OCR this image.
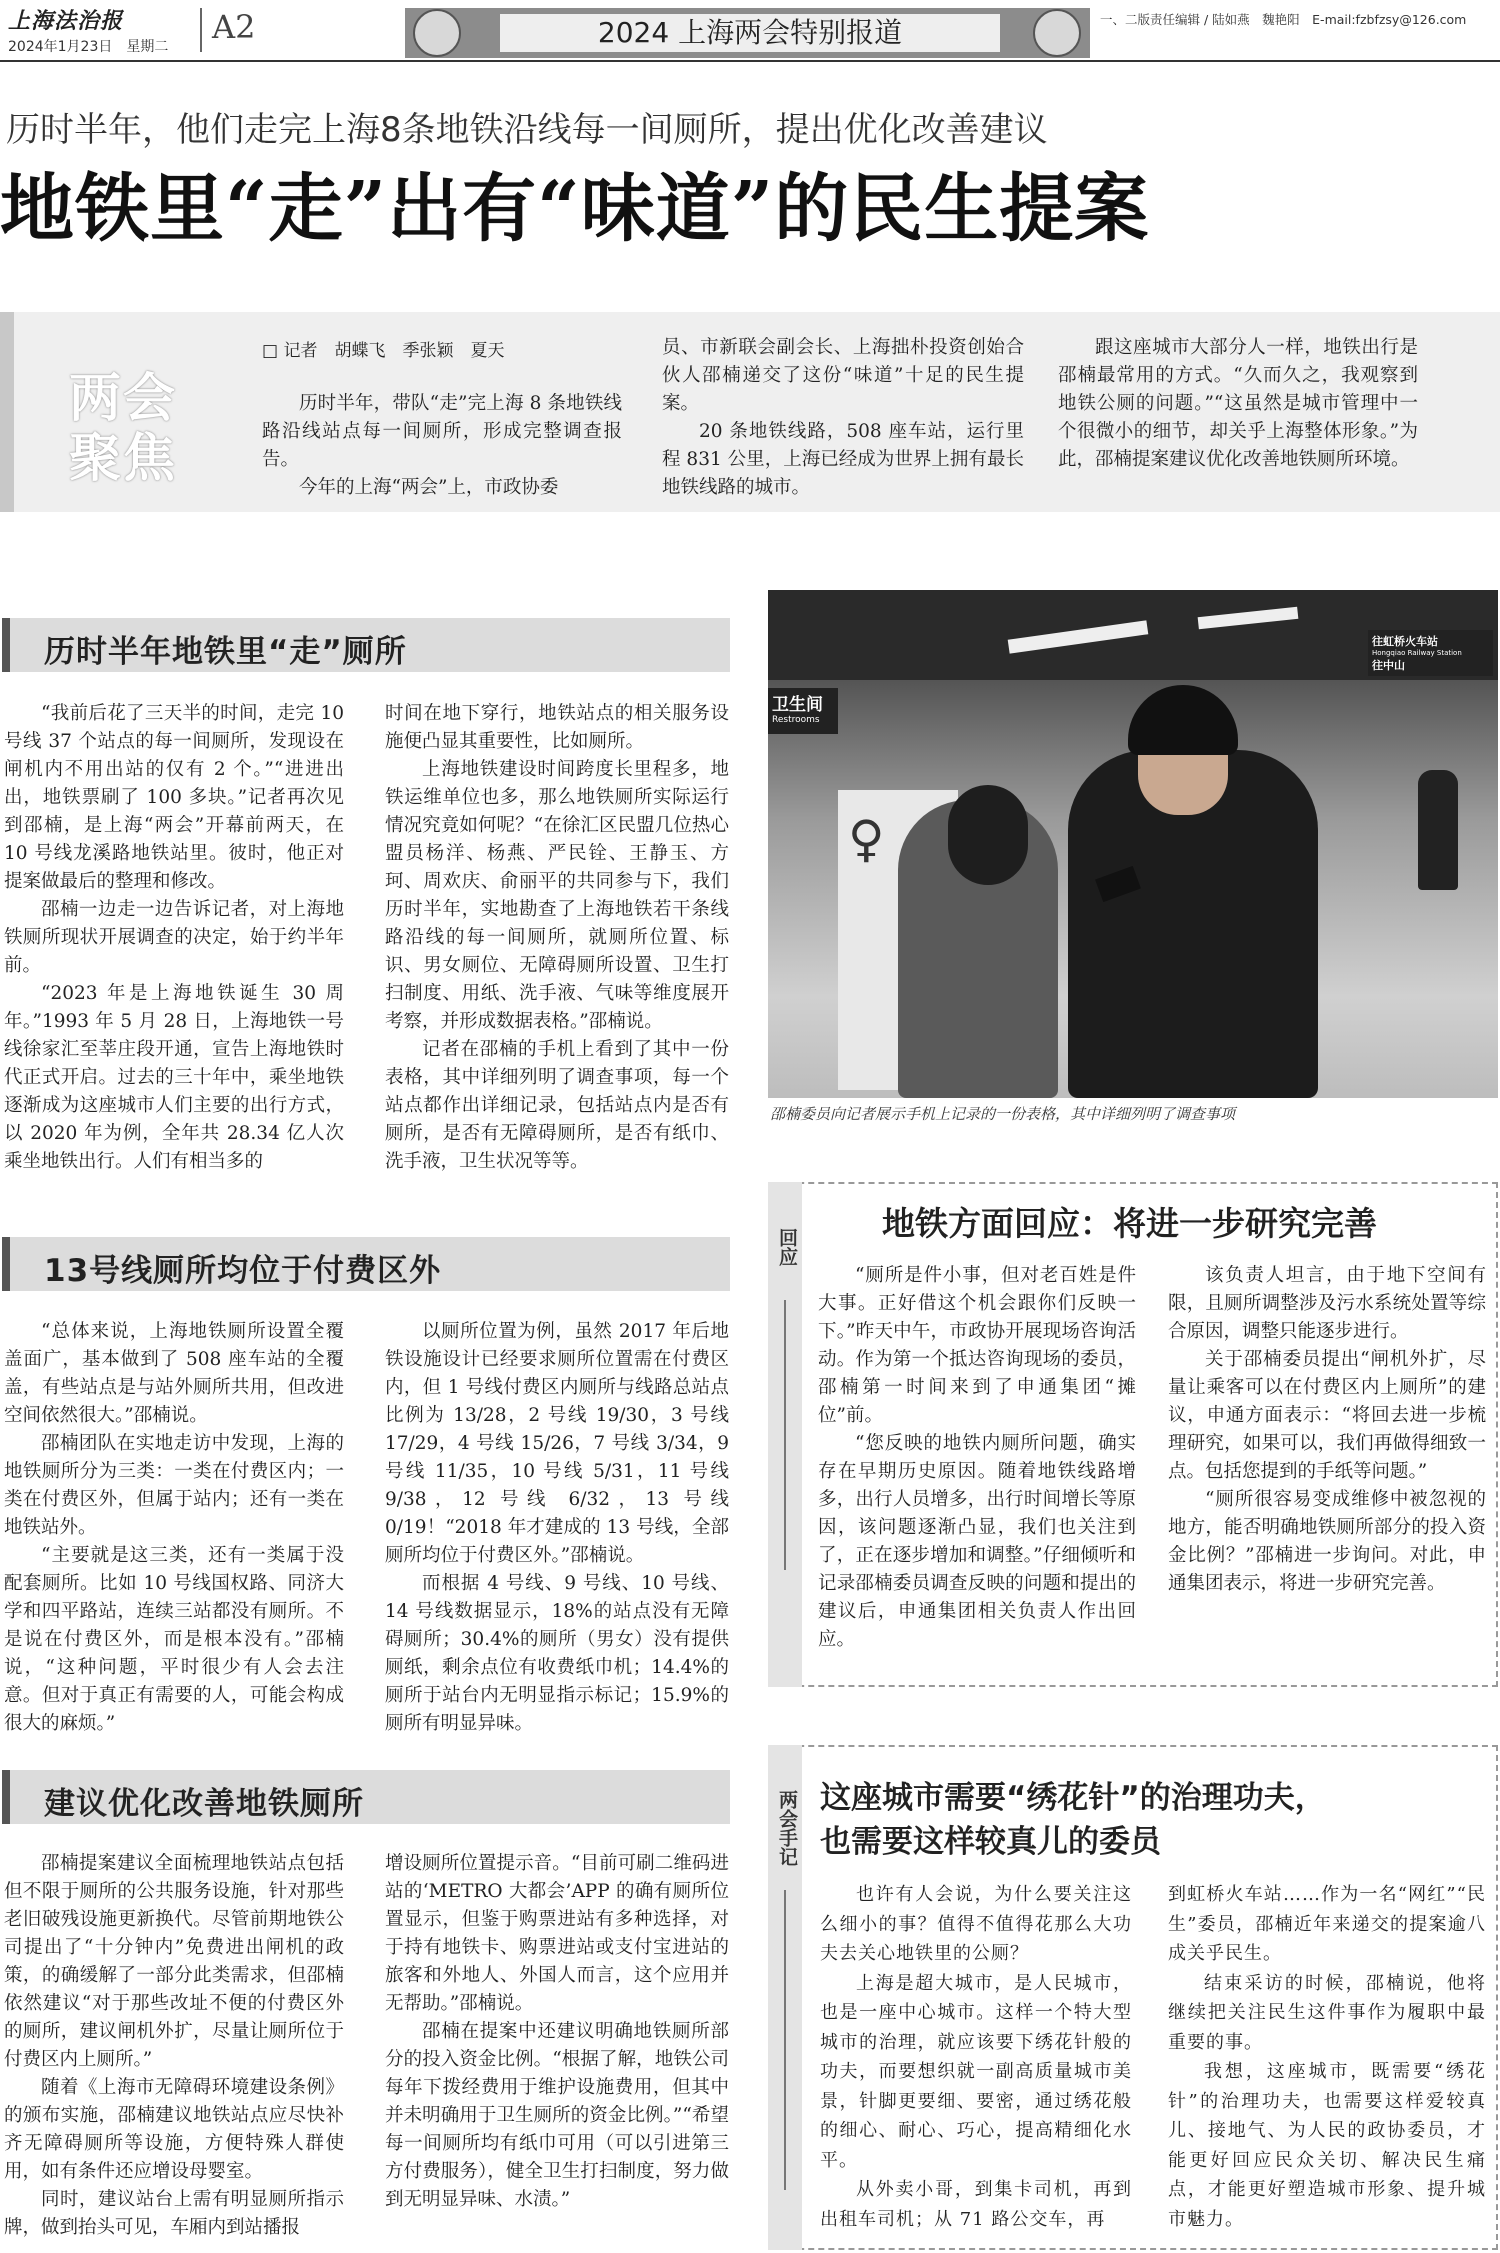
上海法治报
2024年1月23日　星期二
A2	2024 上海两会特别报道	一、二版责任编辑 / 陆如燕　魏艳阳　E-mail:fzbfzsy@126.com
历时半年，他们走完上海8条地铁沿线每一间厕所，提出优化改善建议
地铁里“走”出有“味道”的民生提案
两会
聚焦
□ 记者　胡蝶飞　季张颖　夏天

历时半年，带队“走”完上海 8 条地铁线路沿线站点每一间厕所，形成完整调查报告。

今年的上海“两会”上，市政协委

员、市新联会副会长、上海拙朴投资创始合伙人邵楠递交了这份“味道”十足的民生提案。

20 条地铁线路，508 座车站，运行里程 831 公里，上海已经成为世界上拥有最长地铁线路的城市。

跟这座城市大部分人一样，地铁出行是邵楠最常用的方式。“久而久之，我观察到地铁公厕的问题。”“这虽然是城市管理中一个很微小的细节，却关乎上海整体形象。”为此，邵楠提案建议优化改善地铁厕所环境。

历时半年地铁里“走”厕所

“我前后花了三天半的时间，走完 10 号线 37 个站点的每一间厕所，发现设在闸机内不用出站的仅有 2 个。”“进进出出，地铁票刷了 100 多块。”记者再次见到邵楠，是上海“两会”开幕前两天，在 10 号线龙溪路地铁站里。彼时，他正对提案做最后的整理和修改。

邵楠一边走一边告诉记者，对上海地铁厕所现状开展调查的决定，始于约半年前。

“2023 年是上海地铁诞生 30 周年。”1993 年 5 月 28 日，上海地铁一号线徐家汇至莘庄段开通，宣告上海地铁时代正式开启。过去的三十年中，乘坐地铁逐渐成为这座城市人们主要的出行方式，以 2020 年为例，全年共 28.34 亿人次乘坐地铁出行。人们有相当多的

时间在地下穿行，地铁站点的相关服务设施便凸显其重要性，比如厕所。

上海地铁建设时间跨度长里程多，地铁运维单位也多，那么地铁厕所实际运行情况究竟如何呢？“在徐汇区民盟几位热心盟员杨洋、杨燕、严民铨、王静玉、方珂、周欢庆、俞丽平的共同参与下，我们历时半年，实地勘查了上海地铁若干条线路沿线的每一间厕所，就厕所位置、标识、男女厕位、无障碍厕所设置、卫生打扫制度、用纸、洗手液、气味等维度展开考察，并形成数据表格。”邵楠说。

记者在邵楠的手机上看到了其中一份表格，其中详细列明了调查事项，每一个站点都作出详细记录，包括站点内是否有厕所，是否有无障碍厕所，是否有纸巾、洗手液，卫生状况等等。

卫生间
Restrooms
往虹桥火车站
Hongqiao Railway Station
往中山
♀
邵楠委员向记者展示手机上记录的一份表格，其中详细列明了调查事项
13号线厕所均位于付费区外

“总体来说，上海地铁厕所设置全覆盖面广，基本做到了 508 座车站的全覆盖，有些站点是与站外厕所共用，但改进空间依然很大。”邵楠说。

邵楠团队在实地走访中发现，上海的地铁厕所分为三类：一类在付费区内；一类在付费区外，但属于站内；还有一类在地铁站外。

“主要就是这三类，还有一类属于没配套厕所。比如 10 号线国权路、同济大学和四平路站，连续三站都没有厕所。不是说在付费区外，而是根本没有。”邵楠说，“这种问题，平时很少有人会去注意。但对于真正有需要的人，可能会构成很大的麻烦。”

以厕所位置为例，虽然 2017 年后地铁设施设计已经要求厕所位置需在付费区内，但 1 号线付费区内厕所与线路总站点比例为 13/28，2 号线 19/30，3 号线 17/29，4 号线 15/26，7 号线 3/34，9 号线 11/35，10 号线 5/31，11 号线 9/38，12 号线 6/32，13 号线 0/19！“2018 年才建成的 13 号线，全部厕所均位于付费区外。”邵楠说。

而根据 4 号线、9 号线、10 号线、14 号线数据显示，18%的站点没有无障碍厕所；30.4%的厕所（男女）没有提供厕纸，剩余点位有收费纸巾机；14.4%的厕所于站台内无明显指示标记；15.9%的厕所有明显异味。

建议优化改善地铁厕所

邵楠提案建议全面梳理地铁站点包括但不限于厕所的公共服务设施，针对那些老旧破残设施更新换代。尽管前期地铁公司提出了“十分钟内”免费进出闸机的政策，的确缓解了一部分此类需求，但邵楠依然建议“对于那些改址不便的付费区外的厕所，建议闸机外扩，尽量让厕所位于付费区内上厕所。”

随着《上海市无障碍环境建设条例》的颁布实施，邵楠建议地铁站点应尽快补齐无障碍厕所等设施，方便特殊人群使用，如有条件还应增设母婴室。

同时，建议站台上需有明显厕所指示牌，做到抬头可见，车厢内到站播报

增设厕所位置提示音。“目前可刷二维码进站的‘METRO 大都会’APP 的确有厕所位置显示，但鉴于购票进站有多种选择，对于持有地铁卡、购票进站或支付宝进站的旅客和外地人、外国人而言，这个应用并无帮助。”邵楠说。

邵楠在提案中还建议明确地铁厕所部分的投入资金比例。“根据了解，地铁公司每年下拨经费用于维护设施费用，但其中并未明确用于卫生厕所的资金比例。”“希望每一间厕所均有纸巾可用（可以引进第三方付费服务），健全卫生打扫制度，努力做到无明显异味、水渍。”

回应
地铁方面回应：将进一步研究完善

“厕所是件小事，但对老百姓是件大事。正好借这个机会跟你们反映一下。”昨天中午，市政协开展现场咨询活动。作为第一个抵达咨询现场的委员，邵楠第一时间来到了申通集团“摊位”前。

“您反映的地铁内厕所问题，确实存在早期历史原因。随着地铁线路增多，出行人员增多，出行时间增长等原因，该问题逐渐凸显，我们也关注到了，正在逐步增加和调整。”仔细倾听和记录邵楠委员调查反映的问题和提出的建议后，申通集团相关负责人作出回应。

该负责人坦言，由于地下空间有限，且厕所调整涉及污水系统处置等综合原因，调整只能逐步进行。

关于邵楠委员提出“闸机外扩，尽量让乘客可以在付费区内上厕所”的建议，申通方面表示：“将回去进一步梳理研究，如果可以，我们再做得细致一点。包括您提到的手纸等问题。”

“厕所很容易变成维修中被忽视的地方，能否明确地铁厕所部分的投入资金比例？”邵楠进一步询问。对此，申通集团表示，将进一步研究完善。

两会手记 这座城市需要“绣花针”的治理功夫，
也需要这样较真儿的委员

也许有人会说，为什么要关注这么细小的事？值得不值得花那么大功夫去关心地铁里的公厕？

上海是超大城市，是人民城市，也是一座中心城市。这样一个特大型城市的治理，就应该要下绣花针般的功夫，而要想织就一副高质量城市美景，针脚更要细、要密，通过绣花般的细心、耐心、巧心，提高精细化水平。

从外卖小哥，到集卡司机，再到出租车司机；从 71 路公交车，再

到虹桥火车站……作为一名“网红”“民生”委员，邵楠近年来递交的提案逾八成关乎民生。

结束采访的时候，邵楠说，他将继续把关注民生这件事作为履职中最重要的事。

我想，这座城市，既需要“绣花针”的治理功夫，也需要这样爱较真儿、接地气、为人民的政协委员，才能更好回应民众关切、解决民生痛点，才能更好塑造城市形象、提升城市魅力。
